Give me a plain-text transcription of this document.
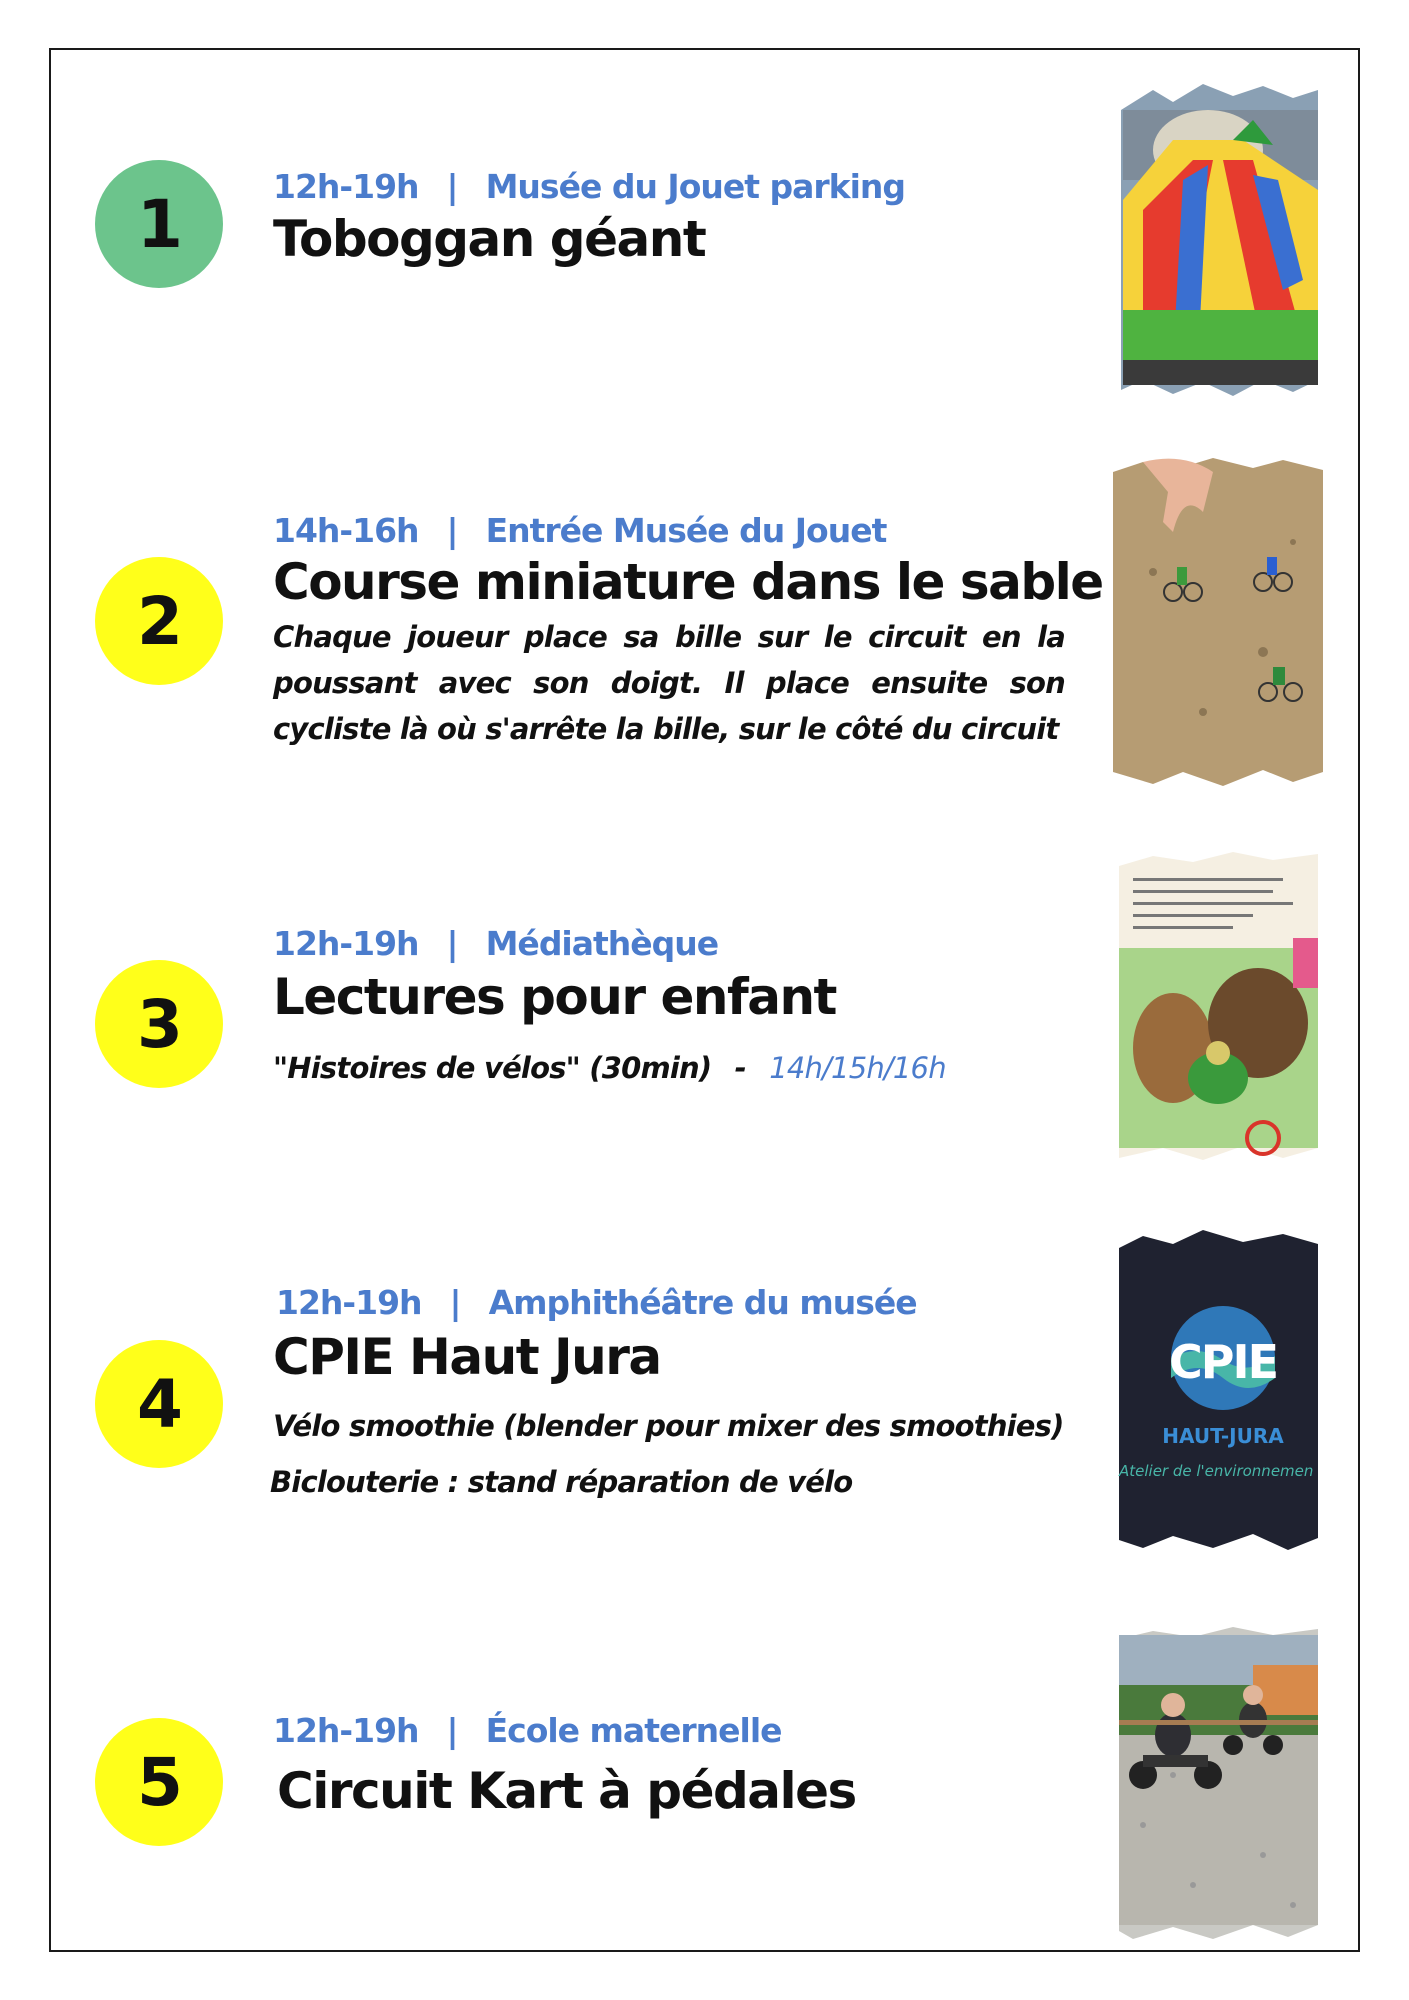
1	12h-19h | Musée du Jouet parking
Toboggan géant
2
14h-16h | Entrée Musée du Jouet
Course miniature dans le sable
Chaque joueur place sa bille sur le circuit en la poussant avec son doigt. Il place ensuite son cycliste là où s'arrête la bille, sur le côté du circuit
3
12h-19h | Médiathèque
Lectures pour enfant
"Histoires de vélos" (30min) - 14h/15h/16h
4
12h-19h | Amphithéâtre du musée
CPIE Haut Jura
Vélo smoothie (blender pour mixer des smoothies)
Biclouterie : stand réparation de vélo
CPIE
HAUT-JURA
Atelier de l'environnemen
5
12h-19h | École maternelle
Circuit Kart à pédales
